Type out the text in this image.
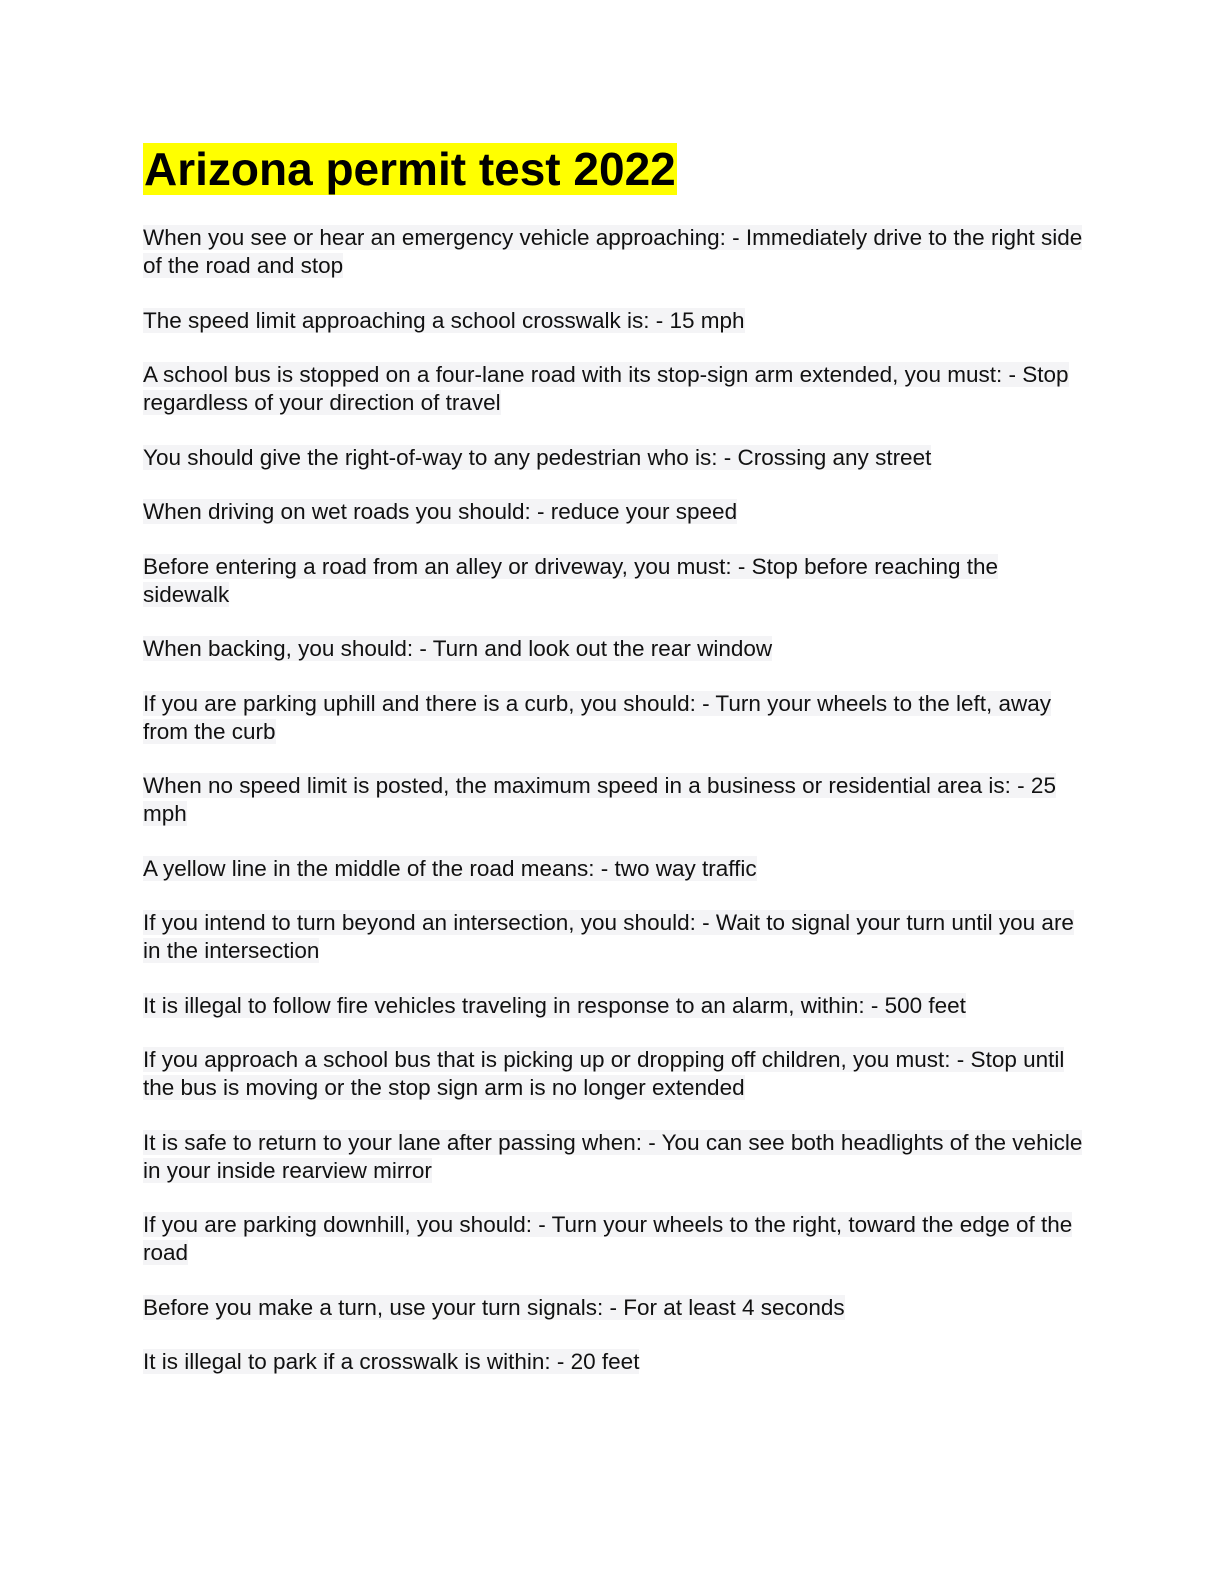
Arizona permit test 2022
When you see or hear an emergency vehicle approaching: - Immediately drive to the right side of the road and stop
The speed limit approaching a school crosswalk is: - 15 mph
A school bus is stopped on a four-lane road with its stop-sign arm extended, you must: - Stop regardless of your direction of travel
You should give the right-of-way to any pedestrian who is: - Crossing any street
When driving on wet roads you should: - reduce your speed
Before entering a road from an alley or driveway, you must: - Stop before reaching the sidewalk
When backing, you should: - Turn and look out the rear window
If you are parking uphill and there is a curb, you should: - Turn your wheels to the left, away from the curb
When no speed limit is posted, the maximum speed in a business or residential area is: - 25 mph
A yellow line in the middle of the road means: - two way traffic
If you intend to turn beyond an intersection, you should: - Wait to signal your turn until you are in the intersection
It is illegal to follow fire vehicles traveling in response to an alarm, within: - 500 feet
If you approach a school bus that is picking up or dropping off children, you must: - Stop until the bus is moving or the stop sign arm is no longer extended
It is safe to return to your lane after passing when: - You can see both headlights of the vehicle in your inside rearview mirror
If you are parking downhill, you should: - Turn your wheels to the right, toward the edge of the road
Before you make a turn, use your turn signals: - For at least 4 seconds
It is illegal to park if a crosswalk is within: - 20 feet
